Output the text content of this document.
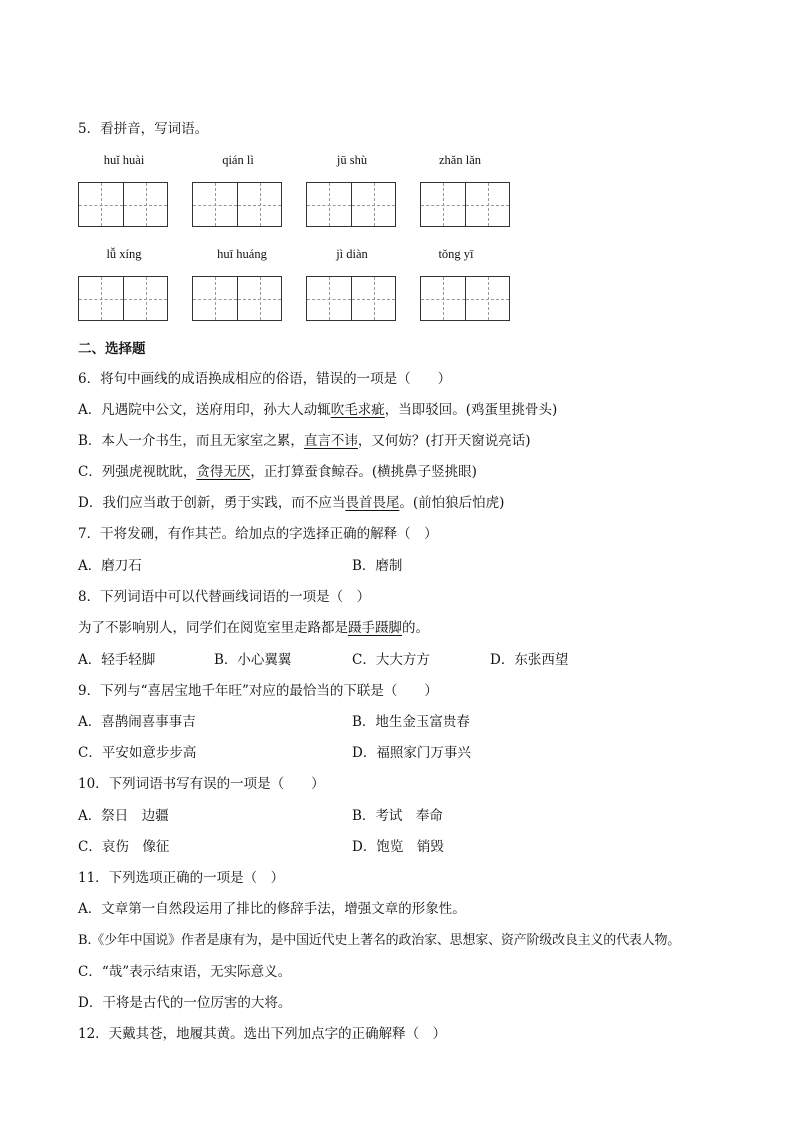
5．看拼音，写词语。
huǐ huài	qián lì	jū shù	zhǎn lǎn
lǚ xíng	huī huáng	jì diàn	tǒng yī
二、选择题
6．将句中画线的成语换成相应的俗语，错误的一项是（　　）
A．凡遇院中公文，送府用印，孙大人动辄吹毛求疵，当即驳回。(鸡蛋里挑骨头)
B．本人一介书生，而且无家室之累，直言不讳，又何妨？(打开天窗说亮话)
C．列强虎视眈眈，贪得无厌，正打算蚕食鲸吞。(横挑鼻子竖挑眼)
D．我们应当敢于创新，勇于实践，而不应当畏首畏尾。(前怕狼后怕虎)
7．干将发硎，有作其芒。给加点的字选择正确的解释（　）
A．磨刀石	B．磨制
8．下列词语中可以代替画线词语的一项是（　）
为了不影响别人，同学们在阅览室里走路都是蹑手蹑脚的。
A．轻手轻脚	B．小心翼翼	C．大大方方	D．东张西望
9．下列与“喜居宝地千年旺”对应的最恰当的下联是（　　）
A．喜鹊闹喜事事吉	B．地生金玉富贵春
C．平安如意步步高	D．福照家门万事兴
10．下列词语书写有误的一项是（　　）
A．祭日　边疆	B．考试　奉命
C．哀伤　像征	D．饱览　销毁
11．下列选项正确的一项是（　）
A．文章第一自然段运用了排比的修辞手法，增强文章的形象性。
B.《少年中国说》作者是康有为，是中国近代史上著名的政治家、思想家、资产阶级改良主义的代表人物。
C．“哉”表示结束语，无实际意义。
D．干将是古代的一位厉害的大将。
12．天戴其苍，地履其黄。选出下列加点字的正确解释（　）
